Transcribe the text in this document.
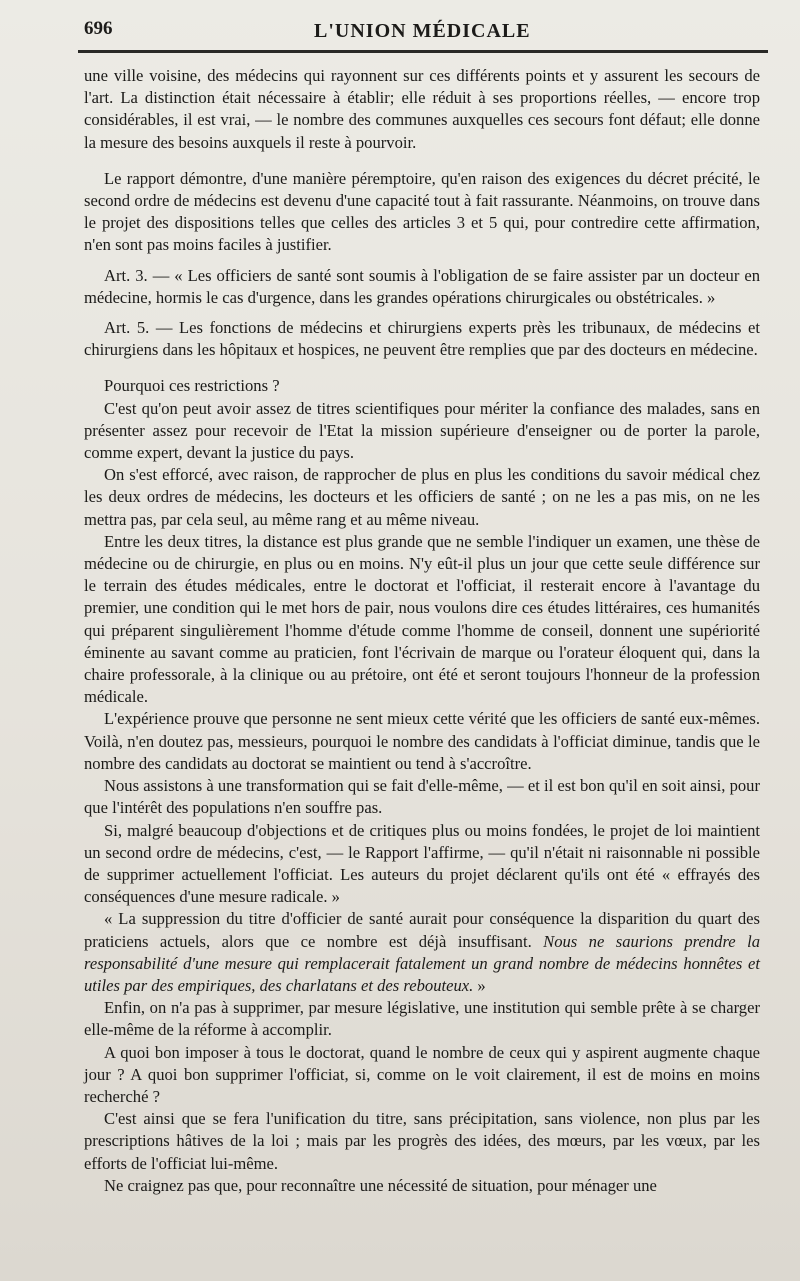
696	L'UNION MÉDICALE

une ville voisine, des médecins qui rayonnent sur ces différents points et y assurent les secours de l'art. La distinction était nécessaire à établir; elle réduit à ses proportions réelles, — encore trop considérables, il est vrai, — le nombre des communes auxquelles ces secours font défaut; elle donne la mesure des besoins auxquels il reste à pourvoir.

Le rapport démontre, d'une manière péremptoire, qu'en raison des exigences du décret précité, le second ordre de médecins est devenu d'une capacité tout à fait rassurante. Néanmoins, on trouve dans le projet des dispositions telles que celles des articles 3 et 5 qui, pour contredire cette affirmation, n'en sont pas moins faciles à justifier.

Art. 3. — « Les officiers de santé sont soumis à l'obligation de se faire assister par un docteur en médecine, hormis le cas d'urgence, dans les grandes opérations chirurgicales ou obstétricales. »

Art. 5. — Les fonctions de médecins et chirurgiens experts près les tribunaux, de médecins et chirurgiens dans les hôpitaux et hospices, ne peuvent être remplies que par des docteurs en médecine.

Pourquoi ces restrictions ?

C'est qu'on peut avoir assez de titres scientifiques pour mériter la confiance des malades, sans en présenter assez pour recevoir de l'Etat la mission supérieure d'enseigner ou de porter la parole, comme expert, devant la justice du pays.

On s'est efforcé, avec raison, de rapprocher de plus en plus les conditions du savoir médical chez les deux ordres de médecins, les docteurs et les officiers de santé ; on ne les a pas mis, on ne les mettra pas, par cela seul, au même rang et au même niveau.

Entre les deux titres, la distance est plus grande que ne semble l'indiquer un examen, une thèse de médecine ou de chirurgie, en plus ou en moins. N'y eût-il plus un jour que cette seule différence sur le terrain des études médicales, entre le doctorat et l'officiat, il resterait encore à l'avantage du premier, une condition qui le met hors de pair, nous voulons dire ces études littéraires, ces humanités qui préparent singulièrement l'homme d'étude comme l'homme de conseil, donnent une supériorité éminente au savant comme au praticien, font l'écrivain de marque ou l'orateur éloquent qui, dans la chaire professorale, à la clinique ou au prétoire, ont été et seront toujours l'honneur de la profession médicale.

L'expérience prouve que personne ne sent mieux cette vérité que les officiers de santé eux-mêmes. Voilà, n'en doutez pas, messieurs, pourquoi le nombre des candidats à l'officiat diminue, tandis que le nombre des candidats au doctorat se maintient ou tend à s'accroître.

Nous assistons à une transformation qui se fait d'elle-même, — et il est bon qu'il en soit ainsi, pour que l'intérêt des populations n'en souffre pas.

Si, malgré beaucoup d'objections et de critiques plus ou moins fondées, le projet de loi maintient un second ordre de médecins, c'est, — le Rapport l'affirme, — qu'il n'était ni raisonnable ni possible de supprimer actuellement l'officiat. Les auteurs du projet déclarent qu'ils ont été « effrayés des conséquences d'une mesure radicale. »

« La suppression du titre d'officier de santé aurait pour conséquence la disparition du quart des praticiens actuels, alors que ce nombre est déjà insuffisant. Nous ne saurions prendre la responsabilité d'une mesure qui remplacerait fatalement un grand nombre de médecins honnêtes et utiles par des empiriques, des charlatans et des rebouteux. »

Enfin, on n'a pas à supprimer, par mesure législative, une institution qui semble prête à se charger elle-même de la réforme à accomplir.

A quoi bon imposer à tous le doctorat, quand le nombre de ceux qui y aspirent augmente chaque jour ? A quoi bon supprimer l'officiat, si, comme on le voit clairement, il est de moins en moins recherché ?

C'est ainsi que se fera l'unification du titre, sans précipitation, sans violence, non plus par les prescriptions hâtives de la loi ; mais par les progrès des idées, des mœurs, par les vœux, par les efforts de l'officiat lui-même.

Ne craignez pas que, pour reconnaître une nécessité de situation, pour ménager une
